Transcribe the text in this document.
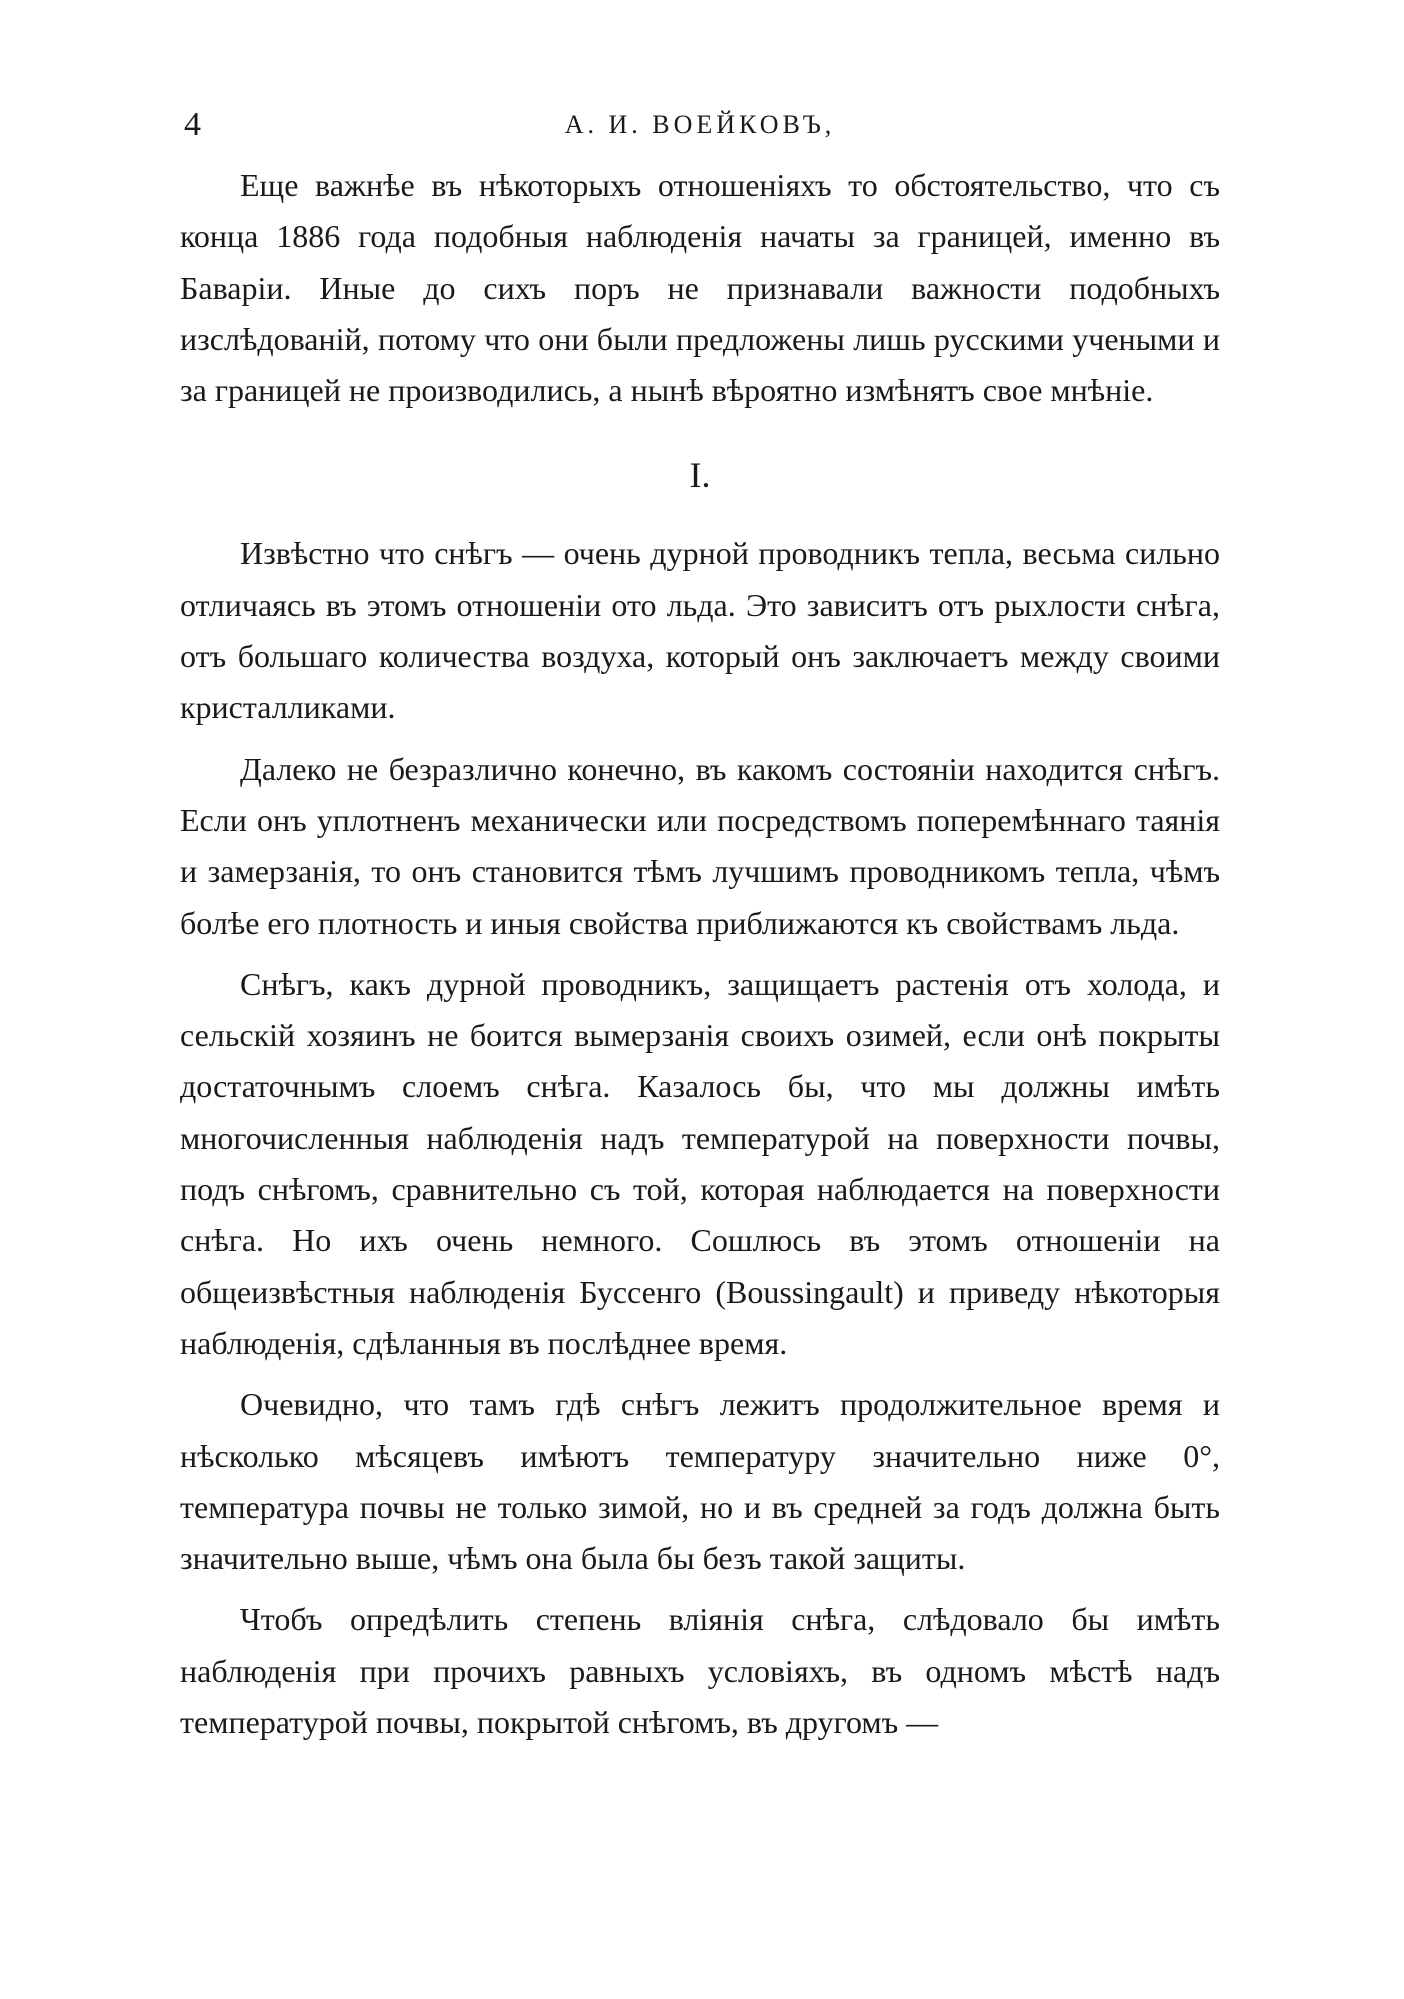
4	А. И. ВОЕЙКОВЪ,

Еще важнѣе въ нѣкоторыхъ отношеніяхъ то обстоятельство, что съ конца 1886 года подобныя наблюденія начаты за границей, именно въ Баваріи. Иные до сихъ поръ не признавали важности подобныхъ изслѣдованій, потому что они были предложены лишь русскими учеными и за границей не производились, а нынѣ вѣроятно измѣнятъ свое мнѣніе.

I.

Извѣстно что снѣгъ — очень дурной проводникъ тепла, весьма сильно отличаясь въ этомъ отношеніи ото льда. Это зависитъ отъ рыхлости снѣга, отъ большаго количества воздуха, который онъ заключаетъ между своими кристалликами.

Далеко не безразлично конечно, въ какомъ состояніи находится снѣгъ. Если онъ уплотненъ механически или посредствомъ поперемѣннаго таянія и замерзанія, то онъ становится тѣмъ лучшимъ проводникомъ тепла, чѣмъ болѣе его плотность и иныя свойства приближаются къ свойствамъ льда.

Снѣгъ, какъ дурной проводникъ, защищаетъ растенія отъ холода, и сельскій хозяинъ не боится вымерзанія своихъ озимей, если онѣ покрыты достаточнымъ слоемъ снѣга. Казалось бы, что мы должны имѣть многочисленныя наблюденія надъ температурой на поверхности почвы, подъ снѣгомъ, сравнительно съ той, которая наблюдается на поверхности снѣга. Но ихъ очень немного. Сошлюсь въ этомъ отношеніи на общеизвѣстныя наблюденія Буссенго (Boussingault) и приведу нѣкоторыя наблюденія, сдѣланныя въ послѣднее время.

Очевидно, что тамъ гдѣ снѣгъ лежитъ продолжительное время и нѣсколько мѣсяцевъ имѣютъ температуру значительно ниже 0°, температура почвы не только зимой, но и въ средней за годъ должна быть значительно выше, чѣмъ она была бы безъ такой защиты.

Чтобъ опредѣлить степень вліянія снѣга, слѣдовало бы имѣть наблюденія при прочихъ равныхъ условіяхъ, въ одномъ мѣстѣ надъ температурой почвы, покрытой снѣгомъ, въ другомъ —
